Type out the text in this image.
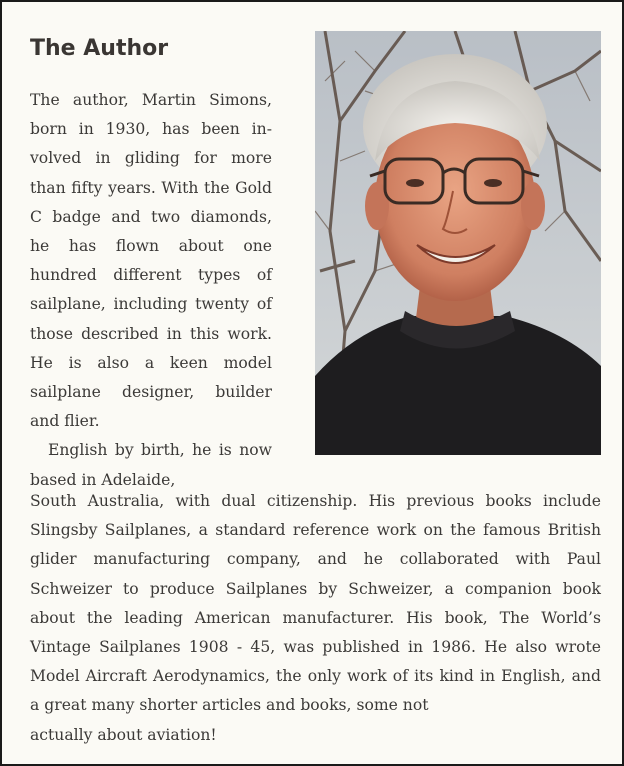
The Author

The author, Martin Simons, born in 1930, has been involved in gliding for more than fifty years. With the Gold C badge and two diamonds, he has flown about one hundred different types of sailplane, including twenty of those described in this work. He is also a keen model sailplane designer, builder and flier.

English by birth, he is now based in Adelaide,

South Australia, with dual citizenship. His previous books include Slingsby Sailplanes, a standard reference work on the famous British glider manufacturing company, and he collaborated with Paul Schweizer to produce Sailplanes by Schweizer, a companion book about the leading American manufacturer. His book, The World’s Vintage Sailplanes 1908 - 45, was published in 1986. He also wrote Model Aircraft Aerodynamics, the only work of its kind in English, and a great many shorter articles and books, some not
actually about aviation!
